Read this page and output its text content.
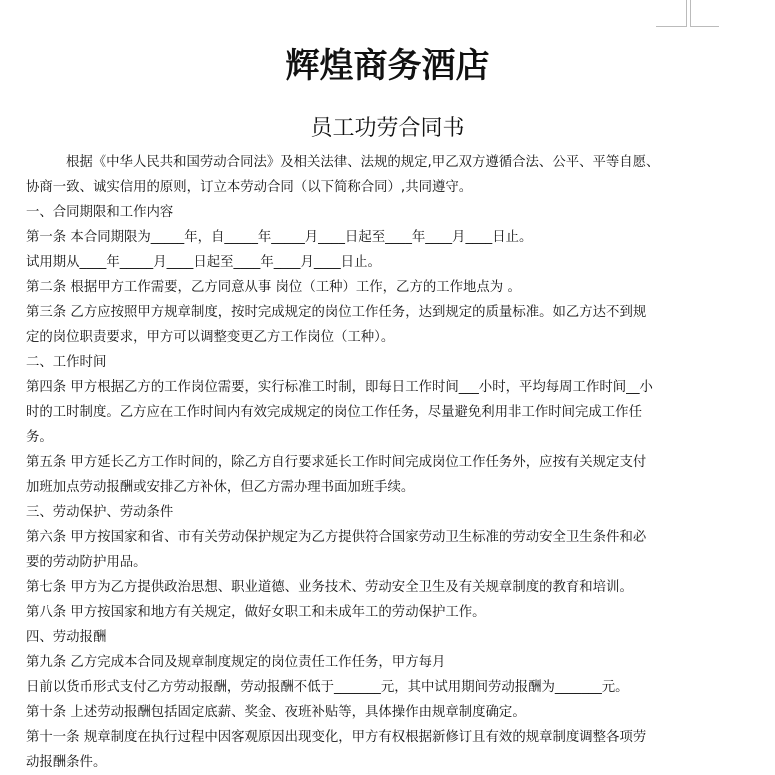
辉煌商务酒店
员工功劳合同书

根据《中华人民共和国劳动合同法》及相关法律、法规的规定,甲乙双方遵循合法、公平、平等自愿、

协商一致、诚实信用的原则，订立本劳动合同（以下简称合同）,共同遵守。

一、合同期限和工作内容

第一条 本合同期限为_____年，自_____年_____月____日起至____年____月____日止。

试用期从____年_____月____日起至____年____月____日止。

第二条 根据甲方工作需要，乙方同意从事 岗位（工种）工作，乙方的工作地点为 。

第三条 乙方应按照甲方规章制度，按时完成规定的岗位工作任务，达到规定的质量标准。如乙方达不到规

定的岗位职责要求，甲方可以调整变更乙方工作岗位（工种）。

二、工作时间

第四条 甲方根据乙方的工作岗位需要，实行标准工时制，即每日工作时间___小时，平均每周工作时间__小

时的工时制度。乙方应在工作时间内有效完成规定的岗位工作任务，尽量避免利用非工作时间完成工作任

务。

第五条 甲方延长乙方工作时间的，除乙方自行要求延长工作时间完成岗位工作任务外，应按有关规定支付

加班加点劳动报酬或安排乙方补休，但乙方需办理书面加班手续。

三、劳动保护、劳动条件

第六条 甲方按国家和省、市有关劳动保护规定为乙方提供符合国家劳动卫生标准的劳动安全卫生条件和必

要的劳动防护用品。

第七条 甲方为乙方提供政治思想、职业道德、业务技术、劳动安全卫生及有关规章制度的教育和培训。

第八条 甲方按国家和地方有关规定，做好女职工和未成年工的劳动保护工作。

四、劳动报酬

第九条 乙方完成本合同及规章制度规定的岗位责任工作任务，甲方每月

日前以货币形式支付乙方劳动报酬，劳动报酬不低于_______元，其中试用期间劳动报酬为_______元。

第十条 上述劳动报酬包括固定底薪、奖金、夜班补贴等，具体操作由规章制度确定。

第十一条 规章制度在执行过程中因客观原因出现变化，甲方有权根据新修订且有效的规章制度调整各项劳

动报酬条件。
